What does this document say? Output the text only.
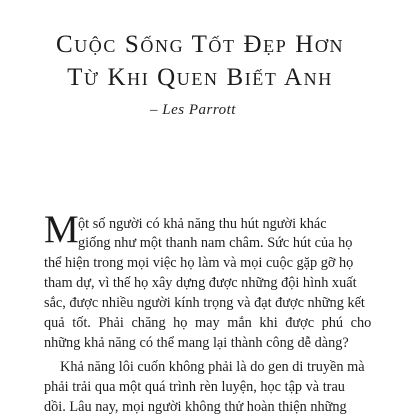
Cuộc Sống Tốt Đẹp Hơn
Từ Khi Quen Biết Anh
– Les Parrott
M ột số người có khả năng thu hút người khác
giống như một thanh nam châm. Sức hút của họ
thể hiện trong mọi việc họ làm và mọi cuộc gặp gỡ họ
tham dự, vì thế họ xây dựng được những đội hình xuất
sắc, được nhiều người kính trọng và đạt được những kết
quả tốt. Phải chăng họ may mắn khi được phú cho
những khả năng có thể mang lại thành công dễ dàng?
Khả năng lôi cuốn không phải là do gen di truyền mà
phải trải qua một quá trình rèn luyện, học tập và trau
dồi. Lâu nay, mọi người không thử hoàn thiện những
